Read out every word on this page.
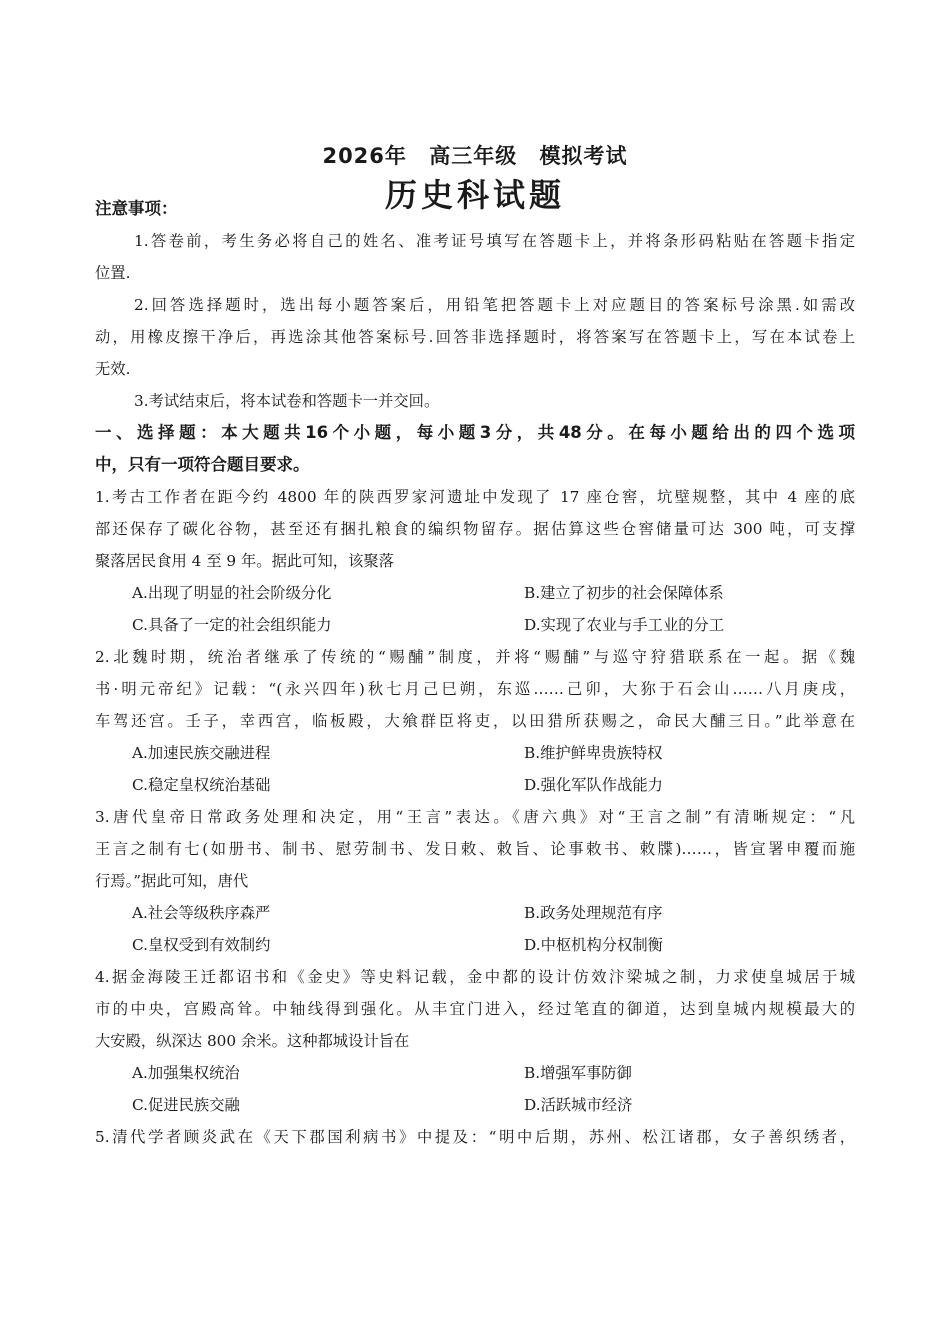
2026年 高三年级 模拟考试
历史科试题
注意事项：
1.答卷前，考生务必将自己的姓名、准考证号填写在答题卡上，并将条形码粘贴在答题卡指定
位置.
2.回答选择题时，选出每小题答案后，用铅笔把答题卡上对应题目的答案标号涂黑.如需改
动，用橡皮擦干净后，再选涂其他答案标号.回答非选择题时，将答案写在答题卡上，写在本试卷上
无效.
3.考试结束后，将本试卷和答题卡一并交回。
一、选择题：本大题共16个小题，每小题3分，共48分。在每小题给出的四个选项
中，只有一项符合题目要求。
1.考古工作者在距今约 4800 年的陕西罗家河遗址中发现了 17 座仓窖，坑壁规整，其中 4 座的底
部还保存了碳化谷物，甚至还有捆扎粮食的编织物留存。据估算这些仓窖储量可达 300 吨，可支撑
聚落居民食用 4 至 9 年。据此可知，该聚落
A.出现了明显的社会阶级分化	B.建立了初步的社会保障体系
C.具备了一定的社会组织能力	D.实现了农业与手工业的分工
2.北魏时期，统治者继承了传统的“赐酺”制度，并将“赐酺”与巡守狩猎联系在一起。据《魏
书·明元帝纪》记载：“(永兴四年)秋七月己巳朔，东巡……己卯，大狝于石会山……八月庚戌，
车驾还宫。壬子，幸西宫，临板殿，大飨群臣将吏，以田猎所获赐之，命民大酺三日。”此举意在
A.加速民族交融进程	B.维护鲜卑贵族特权
C.稳定皇权统治基础	D.强化军队作战能力
3.唐代皇帝日常政务处理和决定，用“王言”表达。《唐六典》对“王言之制”有清晰规定：“凡
王言之制有七(如册书、制书、慰劳制书、发日敕、敕旨、论事敕书、敕牒)……，皆宣署申覆而施
行焉。”据此可知，唐代
A.社会等级秩序森严	B.政务处理规范有序
C.皇权受到有效制约	D.中枢机构分权制衡
4.据金海陵王迁都诏书和《金史》等史料记载，金中都的设计仿效汴梁城之制，力求使皇城居于城
市的中央，宫殿高耸。中轴线得到强化。从丰宜门进入，经过笔直的御道，达到皇城内规模最大的
大安殿，纵深达 800 余米。这种都城设计旨在
A.加强集权统治	B.增强军事防御
C.促进民族交融	D.活跃城市经济
5.清代学者顾炎武在《天下郡国利病书》中提及：“明中后期，苏州、松江诸郡，女子善织绣者，
